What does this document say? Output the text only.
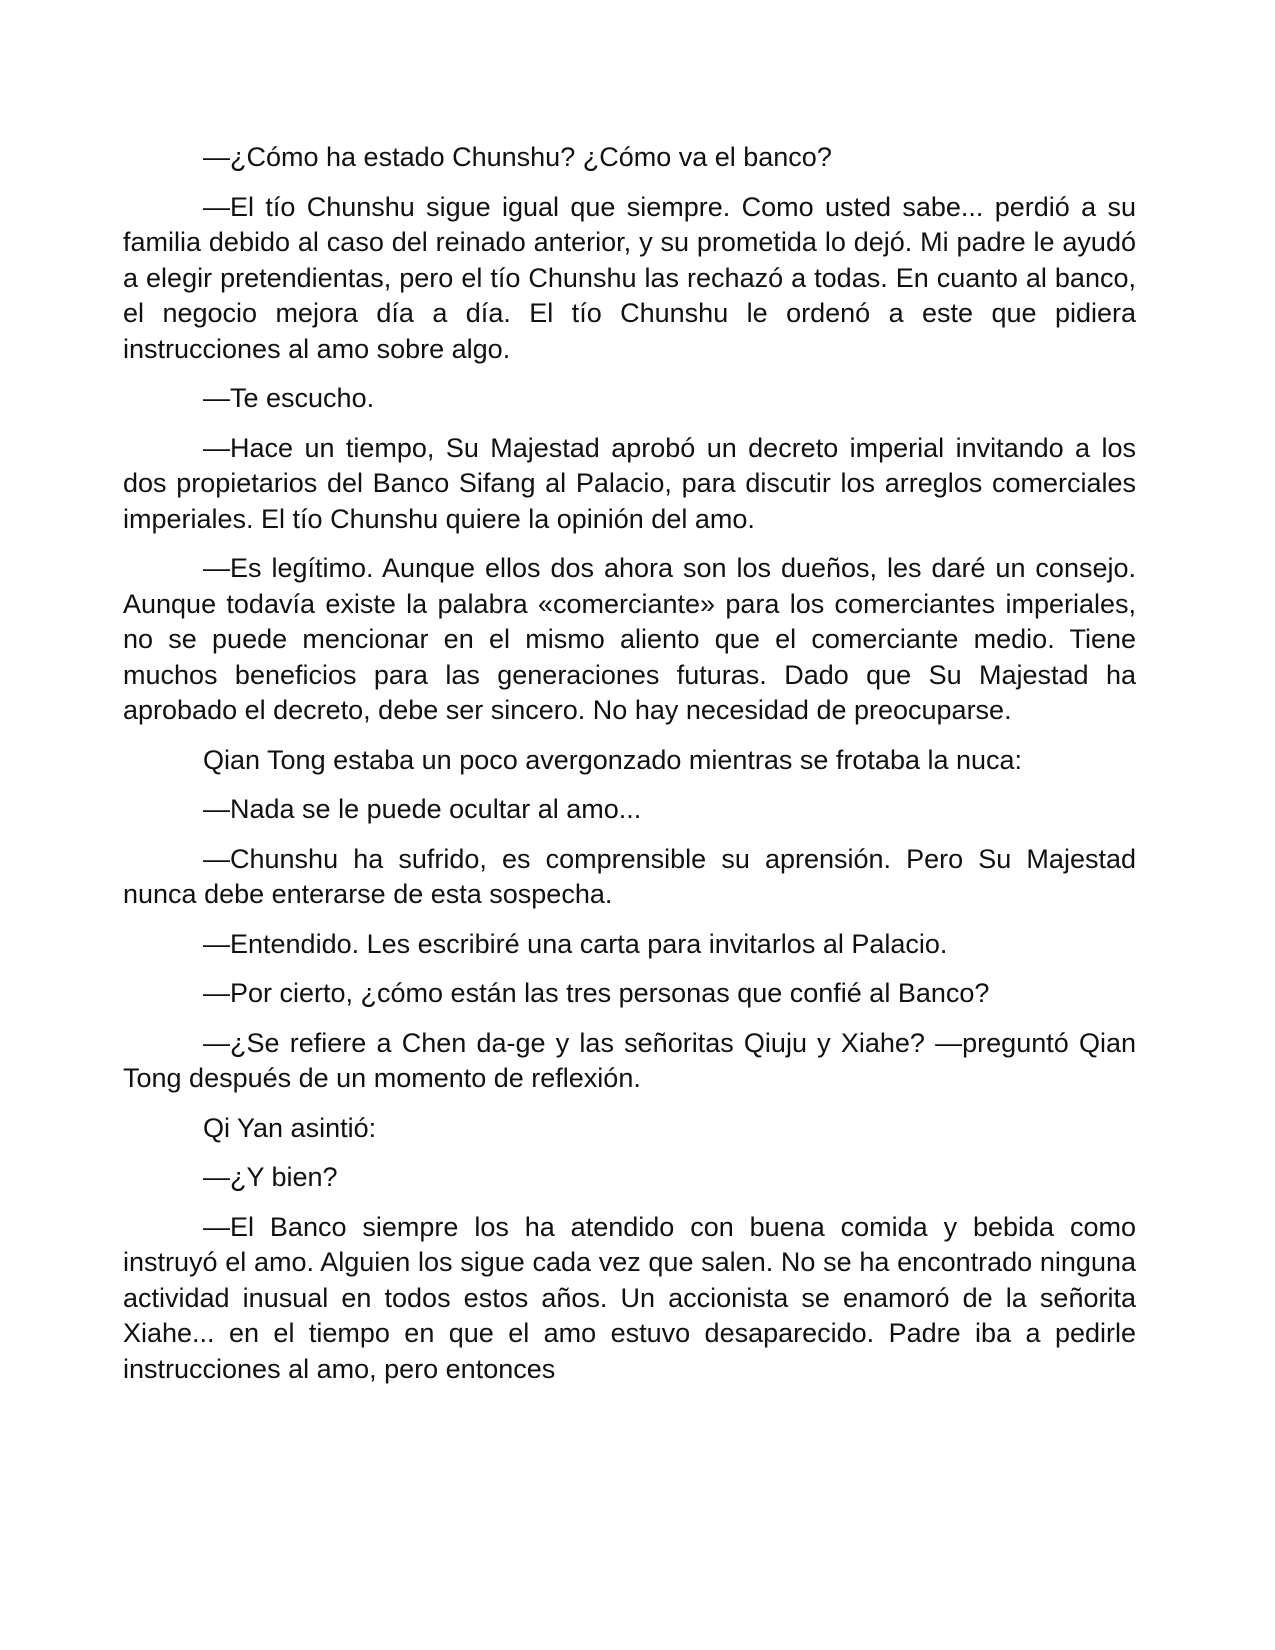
—¿Cómo ha estado Chunshu? ¿Cómo va el banco?

—El tío Chunshu sigue igual que siempre. Como usted sabe... perdió a su familia debido al caso del reinado anterior, y su prometida lo dejó. Mi padre le ayudó a elegir pretendientas, pero el tío Chunshu las rechazó a todas. En cuanto al banco, el negocio mejora día a día. El tío Chunshu le ordenó a este que pidiera instrucciones al amo sobre algo.

—Te escucho.

—Hace un tiempo, Su Majestad aprobó un decreto imperial invitando a los dos propietarios del Banco Sifang al Palacio, para discutir los arreglos comerciales imperiales. El tío Chunshu quiere la opinión del amo.

—Es legítimo. Aunque ellos dos ahora son los dueños, les daré un consejo. Aunque todavía existe la palabra «comerciante» para los comerciantes imperiales, no se puede mencionar en el mismo aliento que el comerciante medio. Tiene muchos beneficios para las generaciones futuras. Dado que Su Majestad ha aprobado el decreto, debe ser sincero. No hay necesidad de preocuparse.

Qian Tong estaba un poco avergonzado mientras se frotaba la nuca:

—Nada se le puede ocultar al amo...

—Chunshu ha sufrido, es comprensible su aprensión. Pero Su Majestad nunca debe enterarse de esta sospecha.

—Entendido. Les escribiré una carta para invitarlos al Palacio.

—Por cierto, ¿cómo están las tres personas que confié al Banco?

—¿Se refiere a Chen da-ge y las señoritas Qiuju y Xiahe? —preguntó Qian Tong después de un momento de reflexión.

Qi Yan asintió:

—¿Y bien?

—El Banco siempre los ha atendido con buena comida y bebida como instruyó el amo. Alguien los sigue cada vez que salen. No se ha encontrado ninguna actividad inusual en todos estos años. Un accionista se enamoró de la señorita Xiahe... en el tiempo en que el amo estuvo desaparecido. Padre iba a pedirle instrucciones al amo, pero entonces
